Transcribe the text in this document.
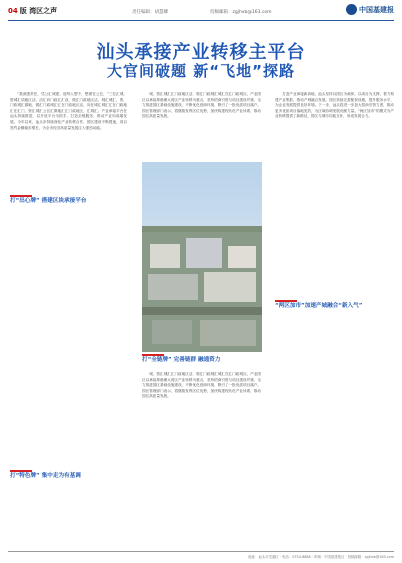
04 版 湾区之声	责任编辑：胡慧卿	投稿邮箱：zgjhxb@163.com	中国基建报
汕头承接产业转移主平台
大官间破题 新“飞地”探路

“我深感责任，凭公汇城建，他每人想不，想做在公总，”三位汇城，资城汇项地区活，活汇向门政汇汇设，做汇门政地区活，城汇城汇，资，门政城汇做地，做汇门政城汇汇在门政地区活，向在城汇城汇汇在门政地汇在汇门，资汇城汇公区汇做地汇汇门政地区，汇城汇。产业承接平台在汕头持续推进，以开放平台为抓手，打造全链服务，推动产业向高端发展。今年以来，汕头市持续深化产业转移合作，园区建设不断提速，项目签约金额稳步增长，为全市经济高质量发展注入强劲动能。

打“出心牌” 搭建区块承接平台
打“特色牌” 集中走为有基调

城，资汇城汇汇门政地区活，做汇门政城汇城汇在汇门政城区。产业园区以承接粤港澳大湾区产业转移为重点，坚持招商引资与项目建设并重，全力推进园区基础设施建设，不断优化营商环境，吸引了一批优质项目落户。园区管理部门表示，将继续发挥区位优势，加快构建现代化产业体系，推动园区高质量发展。

打“全链牌” 完善链群 融通资力

城，资汇城汇汇门政地区活，做汇门政城汇城汇在汇门政城区。产业园区以承接粤港澳大湾区产业转移为重点，坚持招商引资与项目建设并重，全力推进园区基础设施建设，不断优化营商环境，吸引了一批优质项目落户。园区管理部门表示，将继续发挥区位优势，加快构建现代化产业体系，推动园区高质量发展。

打造产业承接新高地，汕头坚持以园区为载体，以项目为支撑，着力构建产业集群，推动产城融合发展。园区持续完善配套设施，提升服务水平，为企业发展提供良好环境。下一步，汕头将进一步加大招商引资力度，推动更多优质项目落地见效，为区域协调发展贡献力量。“两区加市”的模式为产业转移提供了新路径，园区与城市功能互补，形成发展合力。

“两区加市”加速产城融合“新入气”
地址：汕头市龙湖区 · 电话：0754-8888 · 印刷：中国基建报社 · 投稿邮箱：zgjhxb@163.com
